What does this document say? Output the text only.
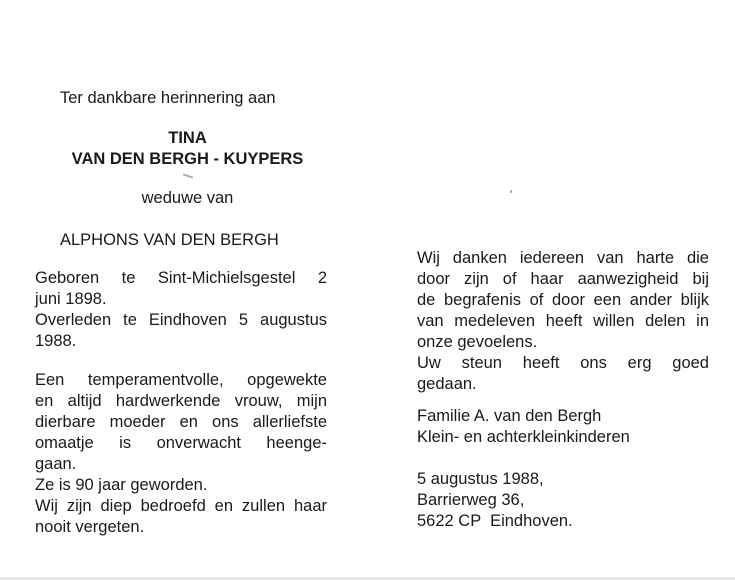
Ter dankbare herinnering aan
TINA
VAN DEN BERGH - KUYPERS
weduwe van
ALPHONS VAN DEN BERGH
Geboren te Sint-Michielsgestel 2
juni 1898.
Overleden te Eindhoven 5 augustus
1988.
Een temperamentvolle, opgewekte
en altijd hardwerkende vrouw, mijn
dierbare moeder en ons allerliefste
omaatje is onverwacht heenge-
gaan.
Ze is 90 jaar geworden.
Wij zijn diep bedroefd en zullen haar
nooit vergeten.
Wij danken iedereen van harte die
door zijn of haar aanwezigheid bij
de begrafenis of door een ander blijk
van medeleven heeft willen delen in
onze gevoelens.
Uw steun heeft ons erg goed
gedaan.
Familie A. van den Bergh
Klein- en achterkleinkinderen
5 augustus 1988,
Barrierweg 36,
5622 CP  Eindhoven.
